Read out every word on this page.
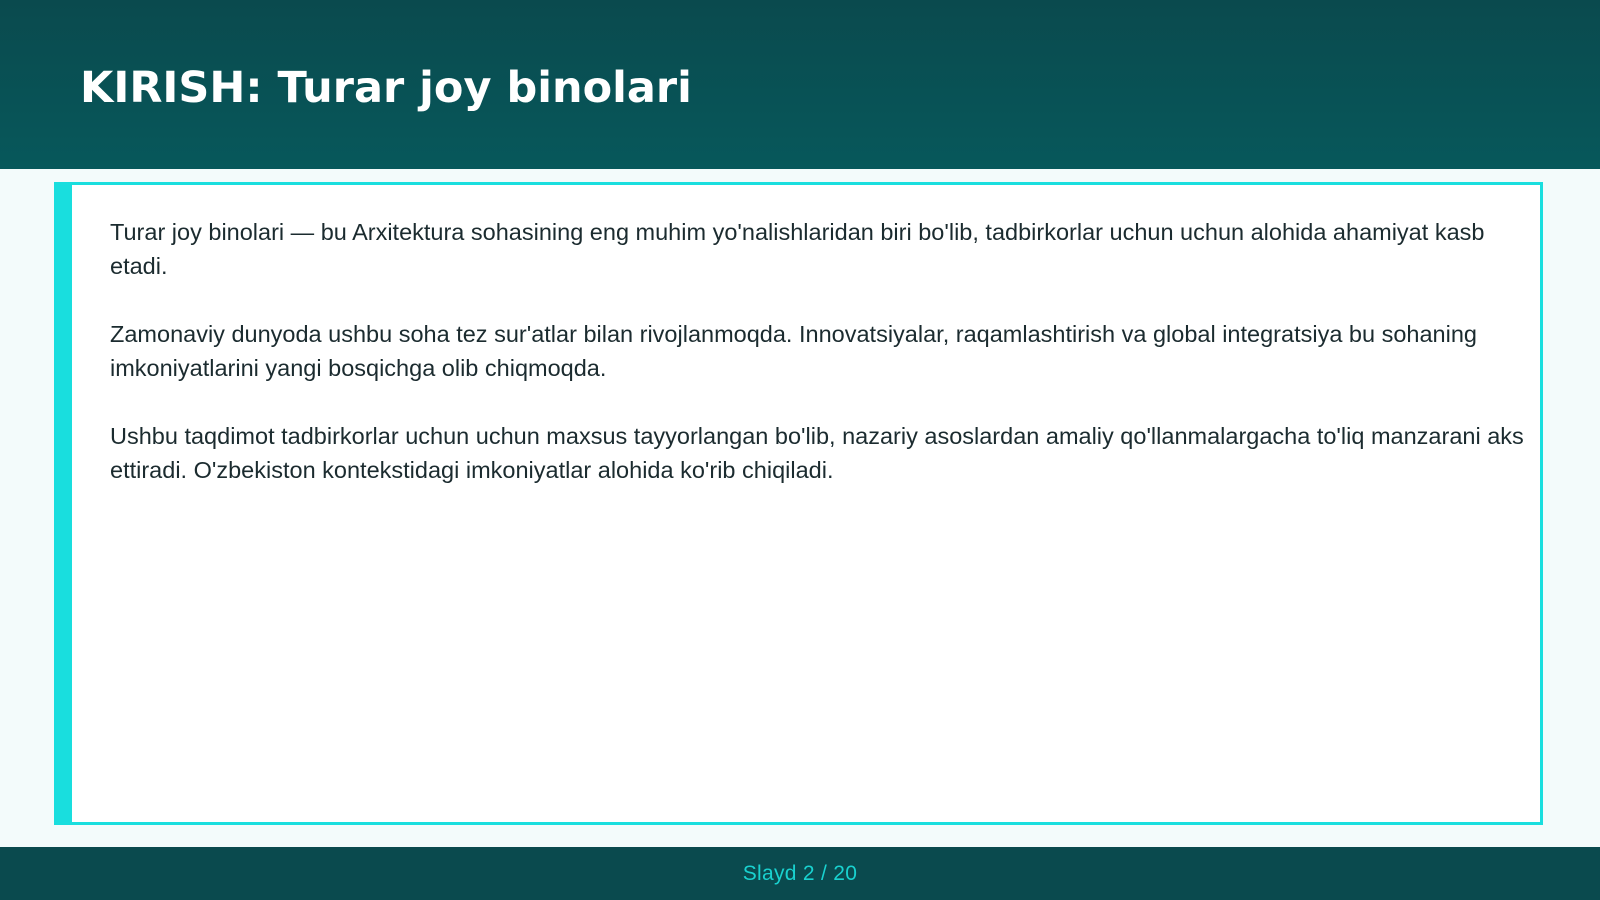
KIRISH: Turar joy binolari

Turar joy binolari — bu Arxitektura sohasining eng muhim yo'nalishlaridan biri bo'lib, tadbirkorlar uchun uchun alohida ahamiyat kasb etadi.

Zamonaviy dunyoda ushbu soha tez sur'atlar bilan rivojlanmoqda. Innovatsiyalar, raqamlashtirish va global integratsiya bu sohaning imkoniyatlarini yangi bosqichga olib chiqmoqda.

Ushbu taqdimot tadbirkorlar uchun uchun maxsus tayyorlangan bo'lib, nazariy asoslardan amaliy qo'llanmalargacha to'liq manzarani aks ettiradi. O'zbekiston kontekstidagi imkoniyatlar alohida ko'rib chiqiladi.

Slayd 2 / 20
